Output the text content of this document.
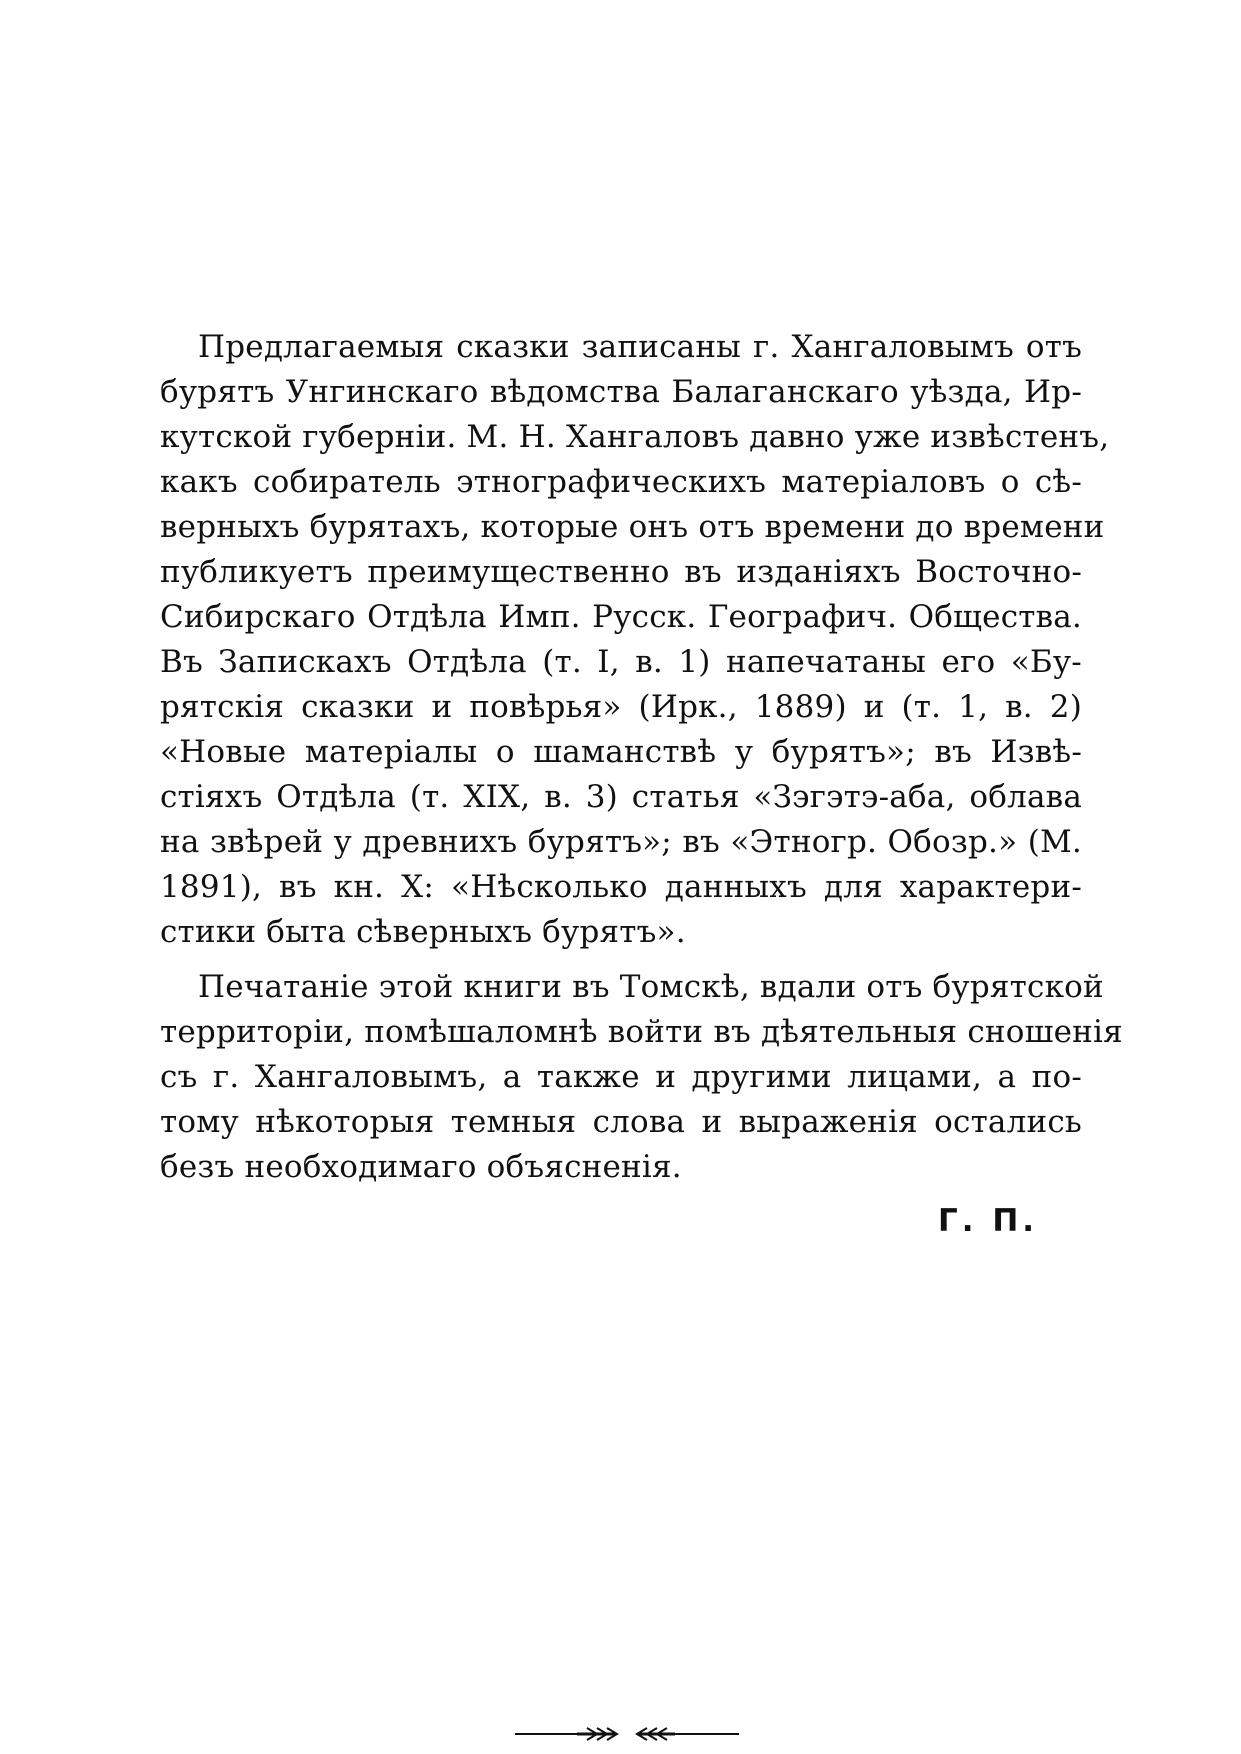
Предлагаемыя сказки записаны г. Хангаловымъ отъ
бурятъ Унгинскаго вѣдомства Балаганскаго уѣзда, Ир-
кутской губерніи. М. Н. Хангаловъ давно уже извѣстенъ,
какъ собиратель этнографическихъ матеріаловъ о сѣ-
верныхъ бурятахъ, которые онъ отъ времени до времени
публикуетъ преимущественно въ изданіяхъ Восточно-
Сибирскаго Отдѣла Имп. Русск. Географич. Общества.
Въ Запискахъ Отдѣла (т. I, в. 1) напечатаны его «Бу-
рятскія сказки и повѣрья» (Ирк., 1889) и (т. 1, в. 2)
«Новые матеріалы о шаманствѣ у бурятъ»; въ Извѣ-
стіяхъ Отдѣла (т. XIX, в. 3) статья «Зэгэтэ-аба, облава
на звѣрей у древнихъ бурятъ»; въ «Этногр. Обозр.» (М.
1891), въ кн. X: «Нѣсколько данныхъ для характери-
стики быта сѣверныхъ бурятъ».
Печатаніе этой книги въ Томскѣ, вдали отъ бурятской
территоріи, помѣшаломнѣ войти въ дѣятельныя сношенія
съ г. Хангаловымъ, а также и другими лицами, а по-
тому нѣкоторыя темныя слова и выраженія остались
безъ необходимаго объясненія.
Г. П.
